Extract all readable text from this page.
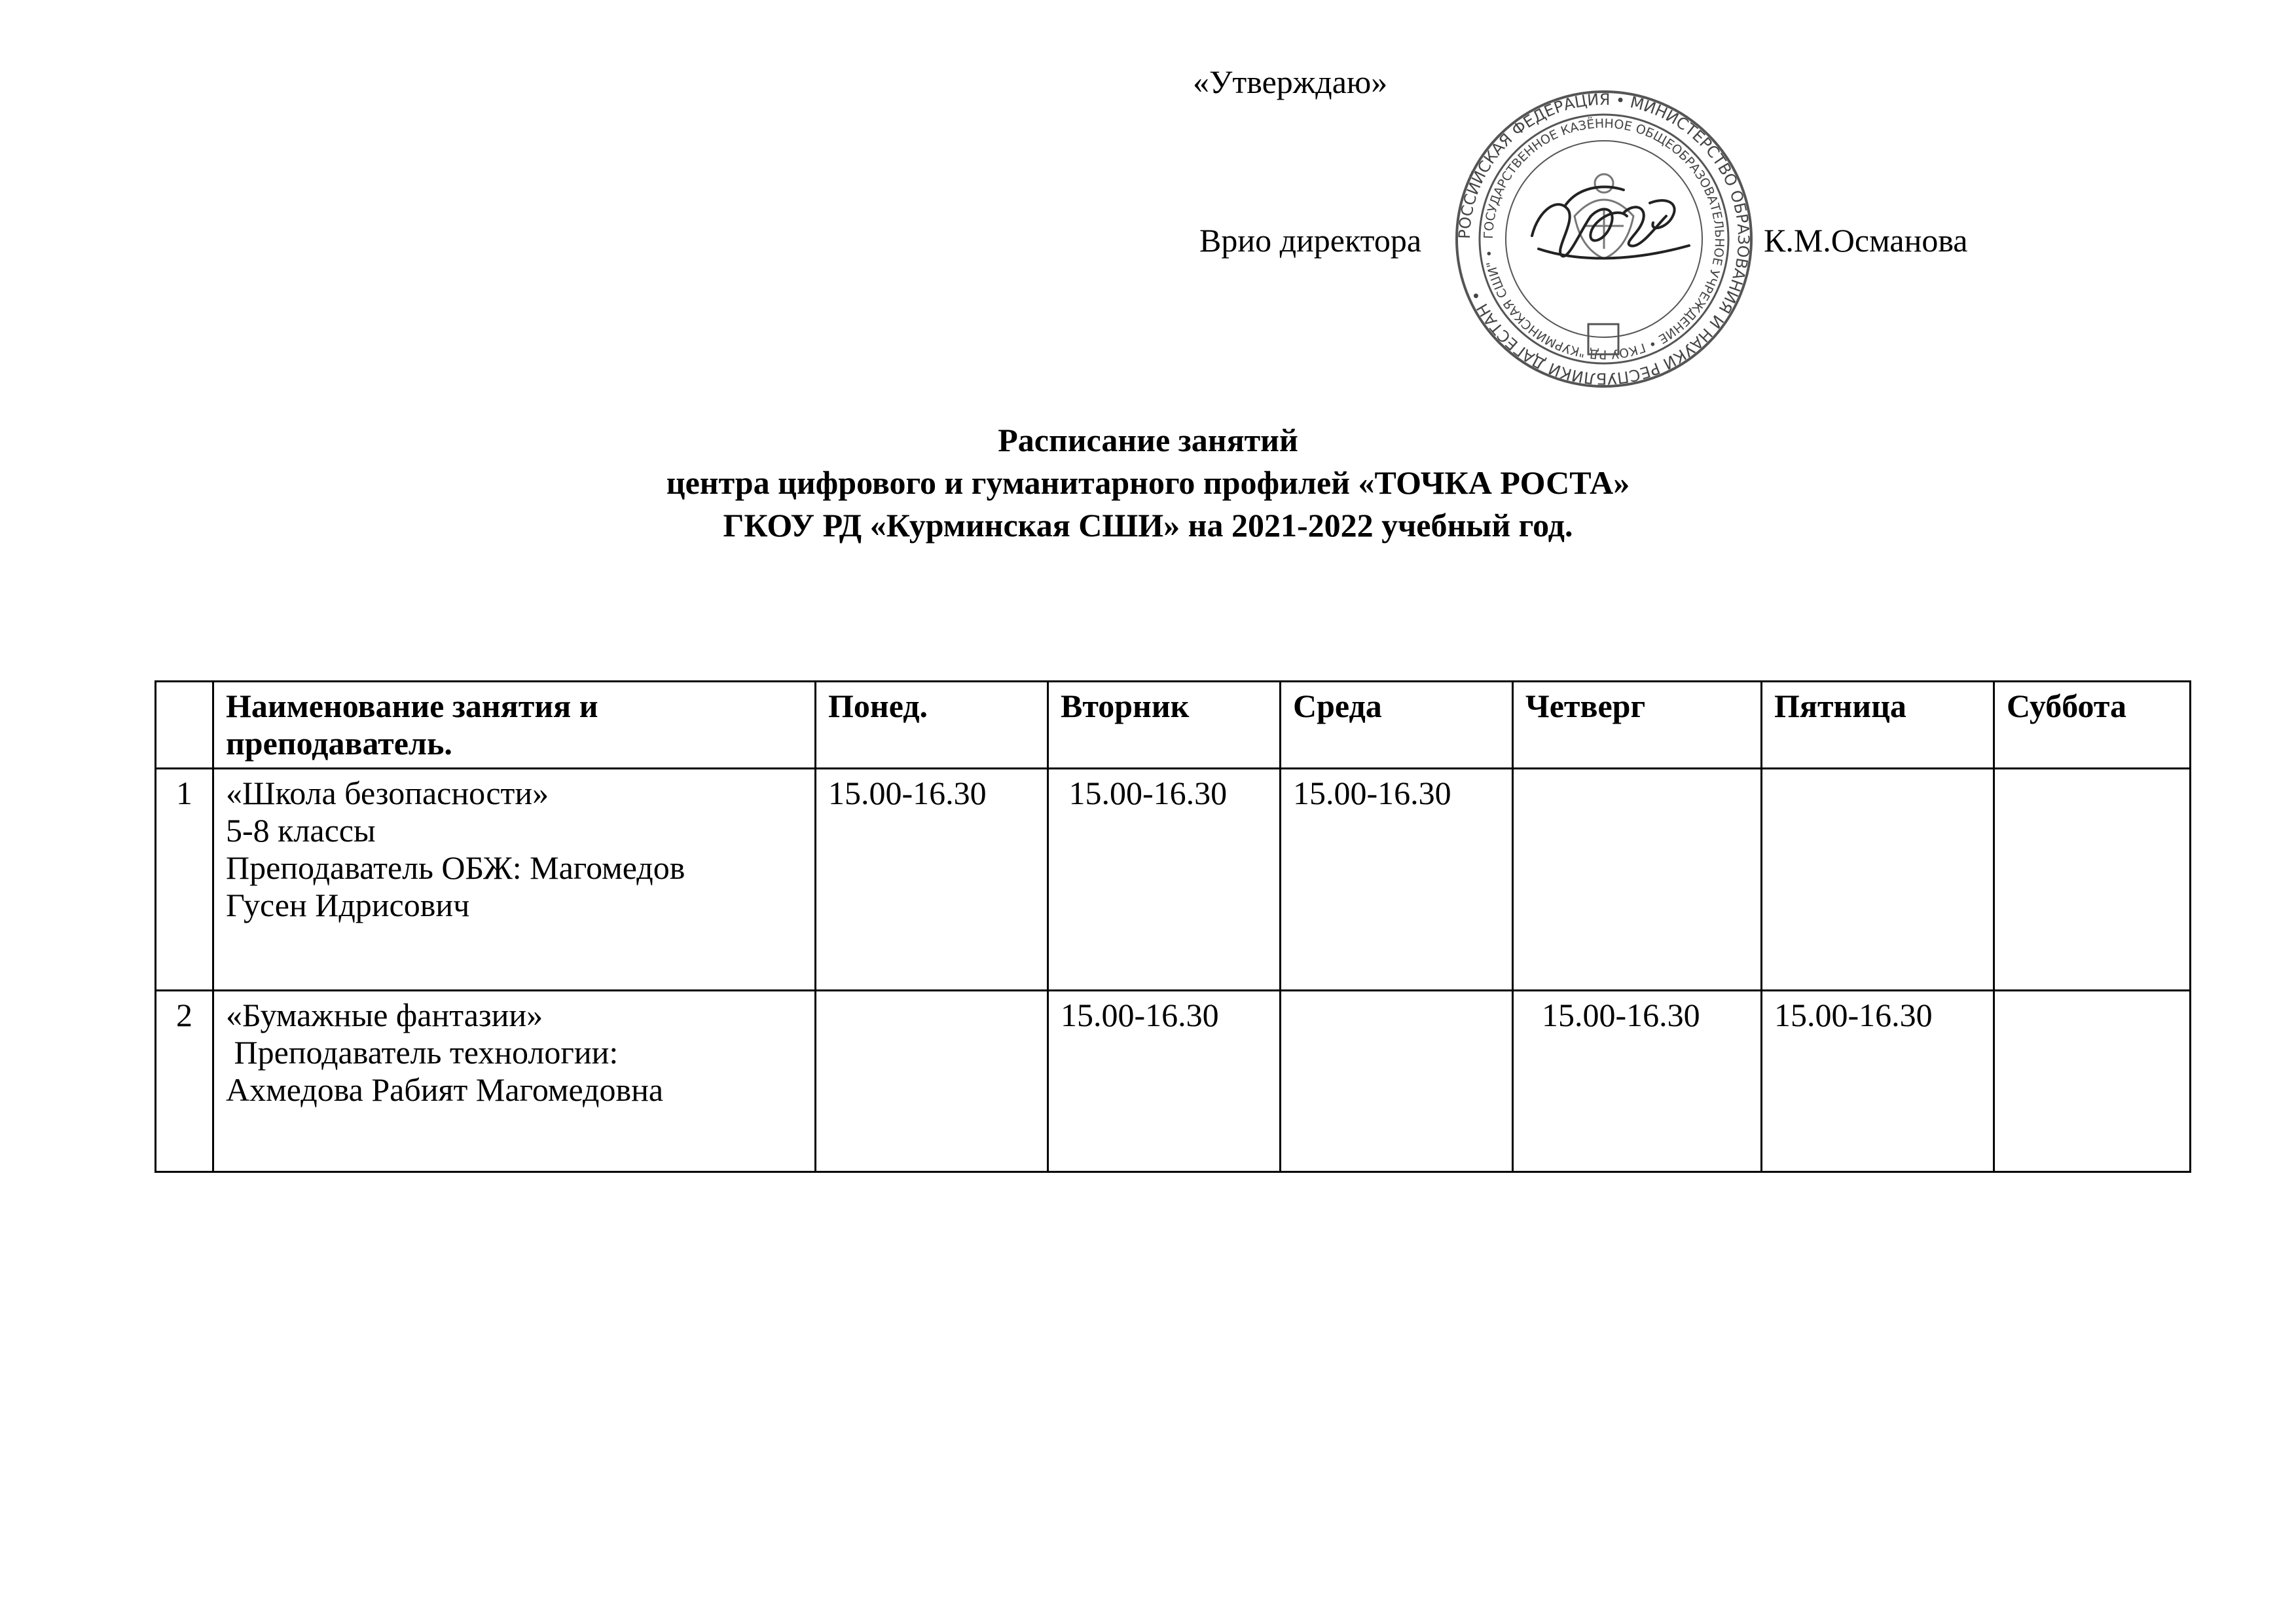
«Утверждаю»
РОССИЙСКАЯ ФЕДЕРАЦИЯ • МИНИСТЕРСТВО ОБРАЗОВАНИЯ И НАУКИ РЕСПУБЛИКИ ДАГЕСТАН •
ГОСУДАРСТВЕННОЕ КАЗЁННОЕ ОБЩЕОБРАЗОВАТЕЛЬНОЕ УЧРЕЖДЕНИЕ • ГКОУ РД "КУРМИНСКАЯ СШИ" •
Врио директора	К.М.Османова
Расписание занятий
центра цифрового и гуманитарного профилей «ТОЧКА РОСТА»
ГКОУ РД «Курминская СШИ» на 2021-2022 учебный год.
	Наименование занятия и преподаватель.	Понед.	Вторник	Среда	Четверг	Пятница	Суббота
1	«Школа безопасности»
5-8 классы
Преподаватель ОБЖ: Магомедов
Гусен Идрисович	15.00-16.30	15.00-16.30	15.00-16.30			
2	«Бумажные фантазии»
Преподаватель технологии:
Ахмедова Рабият Магомедовна		15.00-16.30		15.00-16.30	15.00-16.30	
